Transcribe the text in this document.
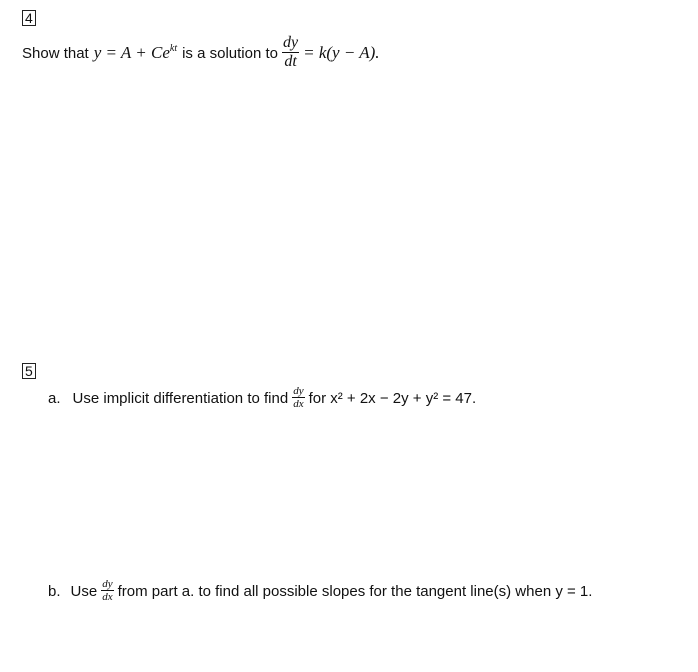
4
Show that $y = A + Ce^{kt}$ is a solution to $\frac{dy}{dt} = k(y - A)$.
5
a. Use implicit differentiation to find $\frac{dy}{dx}$ for x² + 2x − 2y + y² = 47.
b. Use $\frac{dy}{dx}$ from part a. to find all possible slopes for the tangent line(s) when y = 1.
